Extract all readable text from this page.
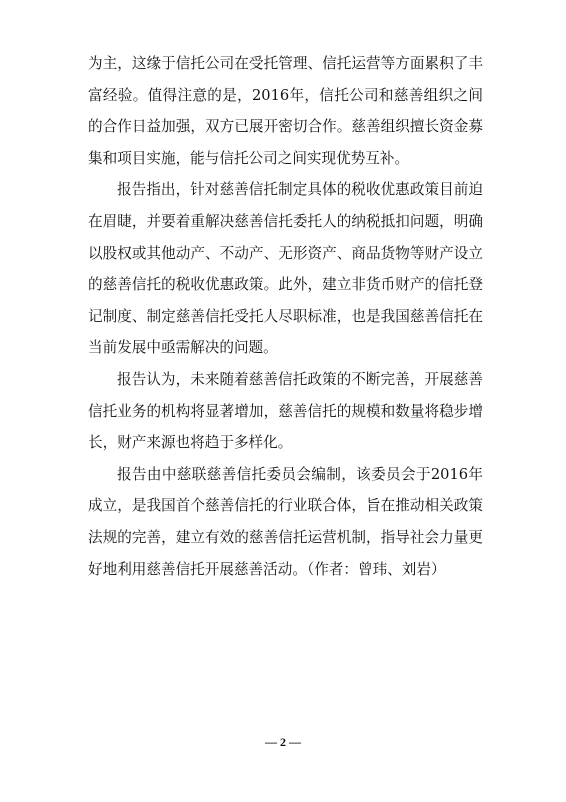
为主，这缘于信托公司在受托管理、信托运营等方面累积了丰富经验。值得注意的是，2016年，信托公司和慈善组织之间的合作日益加强，双方已展开密切合作。慈善组织擅长资金募集和项目实施，能与信托公司之间实现优势互补。

报告指出，针对慈善信托制定具体的税收优惠政策目前迫在眉睫，并要着重解决慈善信托委托人的纳税抵扣问题，明确以股权或其他动产、不动产、无形资产、商品货物等财产设立的慈善信托的税收优惠政策。此外，建立非货币财产的信托登记制度、制定慈善信托受托人尽职标准，也是我国慈善信托在当前发展中亟需解决的问题。

报告认为，未来随着慈善信托政策的不断完善，开展慈善信托业务的机构将显著增加，慈善信托的规模和数量将稳步增长，财产来源也将趋于多样化。

报告由中慈联慈善信托委员会编制，该委员会于2016年成立，是我国首个慈善信托的行业联合体，旨在推动相关政策法规的完善，建立有效的慈善信托运营机制，指导社会力量更好地利用慈善信托开展慈善活动。（作者：曾玮、刘岩）

— 2 —
